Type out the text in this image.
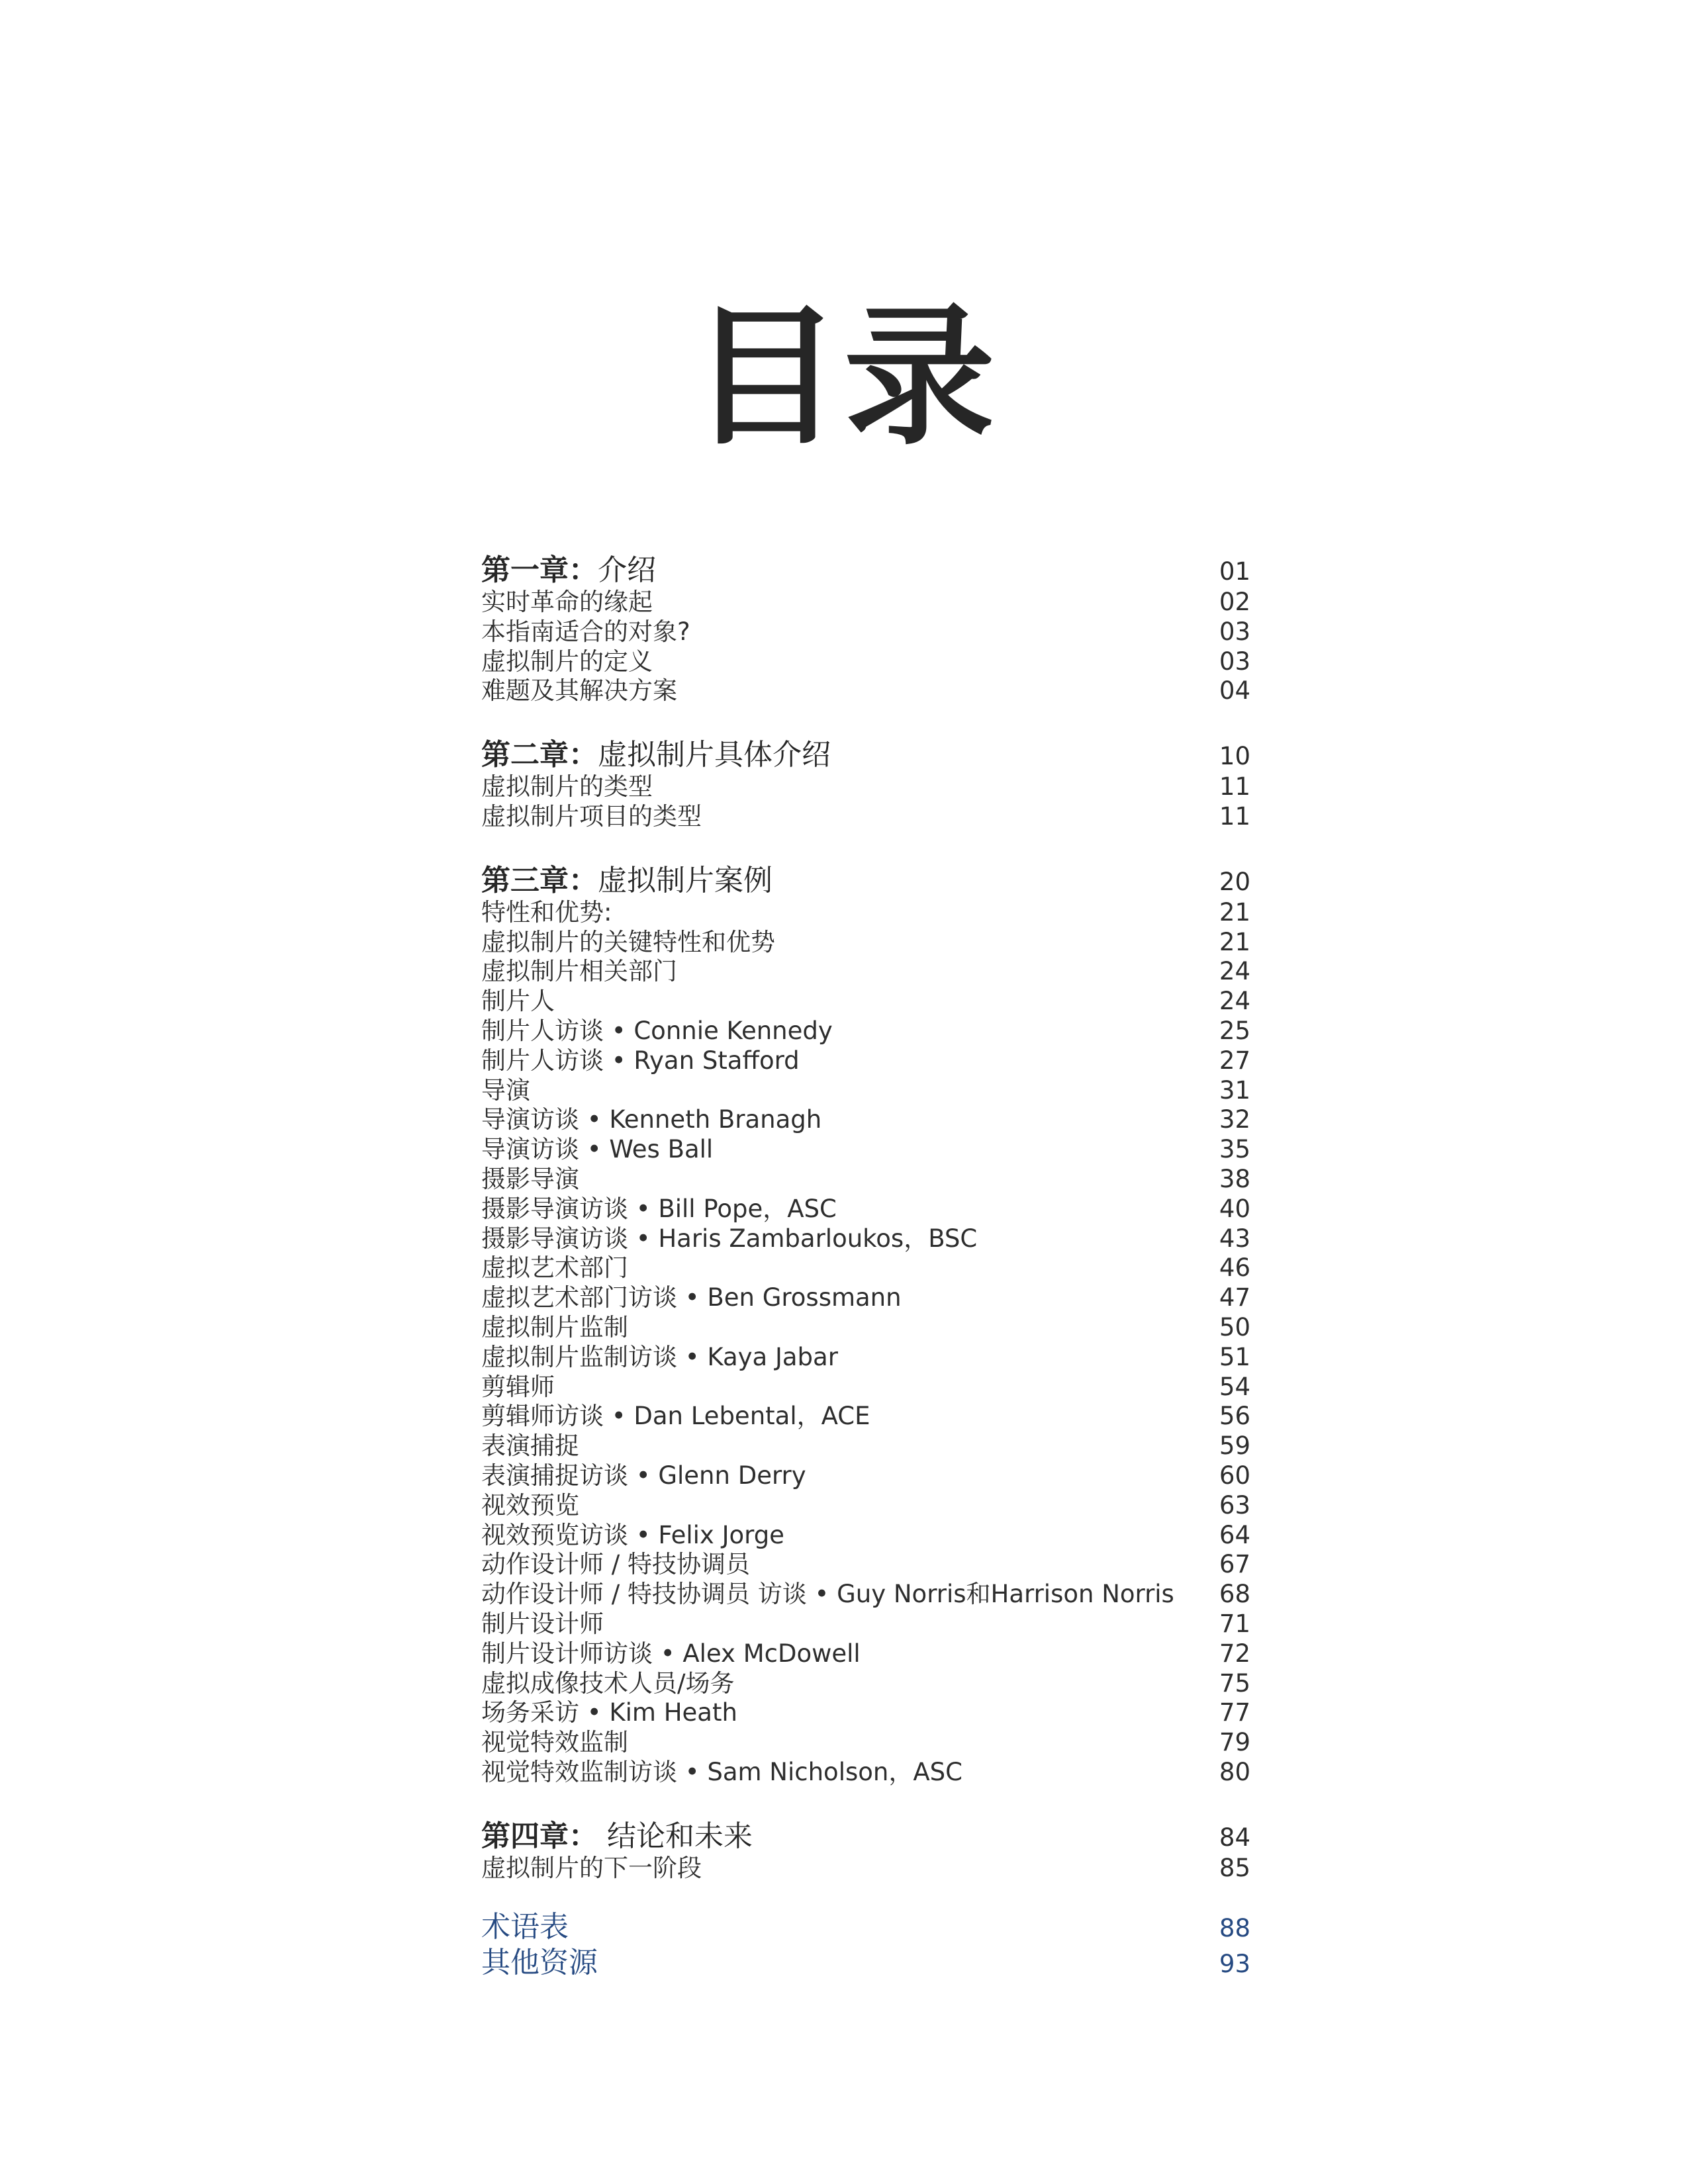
目录
第一章：介绍	01
实时革命的缘起	02
本指南适合的对象?	03
虚拟制片的定义	03
难题及其解决方案	04
第二章：虚拟制片具体介绍	10
虚拟制片的类型	11
虚拟制片项目的类型	11
第三章：虚拟制片案例	20
特性和优势:	21
虚拟制片的关键特性和优势	21
虚拟制片相关部门	24
制片人	24
制片人访谈 • Connie Kennedy	25
制片人访谈 • Ryan Stafford	27
导演	31
导演访谈 • Kenneth Branagh	32
导演访谈 • Wes Ball	35
摄影导演	38
摄影导演访谈 • Bill Pope，ASC	40
摄影导演访谈 • Haris Zambarloukos，BSC	43
虚拟艺术部门	46
虚拟艺术部门访谈 • Ben Grossmann	47
虚拟制片监制	50
虚拟制片监制访谈 • Kaya Jabar	51
剪辑师	54
剪辑师访谈 • Dan Lebental，ACE	56
表演捕捉	59
表演捕捉访谈 • Glenn Derry	60
视效预览	63
视效预览访谈 • Felix Jorge	64
动作设计师 / 特技协调员	67
动作设计师 / 特技协调员 访谈 • Guy Norris和Harrison Norris 68
制片设计师	71
制片设计师访谈 • Alex McDowell	72
虚拟成像技术人员/场务	75
场务采访 • Kim Heath	77
视觉特效监制	79
视觉特效监制访谈 • Sam Nicholson，ASC	80
第四章： 结论和未来	84
虚拟制片的下一阶段	85
术语表	88
其他资源	93
